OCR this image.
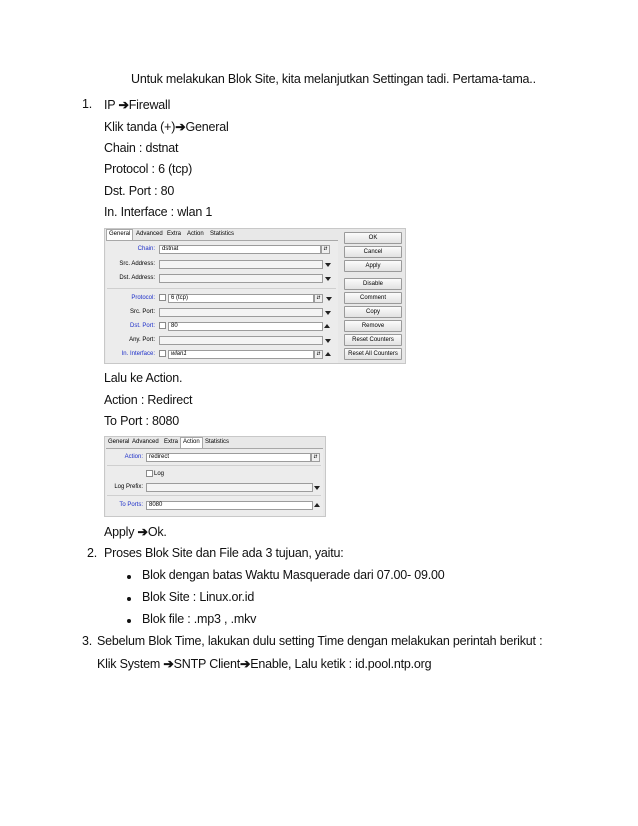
Untuk melakukan Blok Site, kita melanjutkan Settingan tadi. Pertama-tama..
1. IP ➔Firewall
Klik tanda (+)➔General
Chain : dstnat
Protocol : 6 (tcp)
Dst. Port : 80
In. Interface : wlan 1
General Advanced Extra Action	Statistics
Chain:	dstnat	⇵
Src. Address:
Dst. Address:
Protocol:	6 (tcp)	⇵
Src. Port:
Dst. Port:	80
Any. Port:
In. Interface:	wlan1	⇵
OK
Cancel
Apply
Disable
Comment
Copy
Remove
Reset Counters
Reset All Counters
Lalu ke Action.
Action : Redirect
To Port : 8080
General Advanced Extra Action Statistics
Action:	redirect	⇵
Log
Log Prefix:
To Ports:	8080
Apply ➔Ok.
2. Proses Blok Site dan File ada 3 tujuan, yaitu:
Blok dengan batas Waktu Masquerade dari 07.00- 09.00
Blok Site : Linux.or.id
Blok file : .mp3 , .mkv
3. Sebelum Blok Time, lakukan dulu setting Time dengan melakukan perintah berikut :
Klik System ➔SNTP Client➔Enable, Lalu ketik : id.pool.ntp.org
